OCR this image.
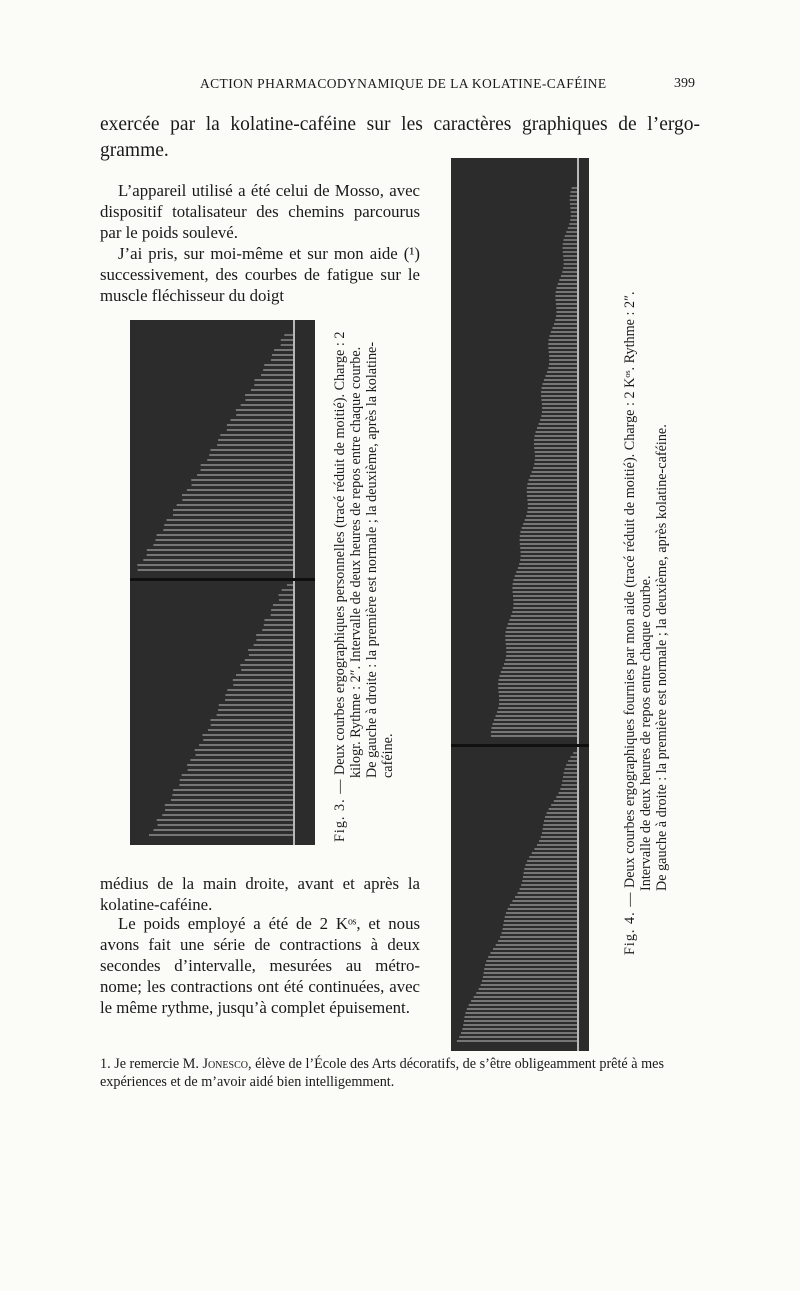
ACTION PHARMACODYNAMIQUE DE LA KOLATINE-CAFÉINE	399
exercée par la kolatine-caféine sur les caractères graphiques de l’ergo-gramme.
L’appareil utilisé a été celui de Mosso, avec dispositif totalisateur des chemins parcourus par le poids soulevé.
J’ai pris, sur moi-même et sur mon aide (¹) successivement, des courbes de fatigue sur le muscle fléchisseur du doigt
Fig. 3. — Deux courbes ergographiques personnelles (tracé réduit de moitié). Charge : 2 kilogr. Rythme : 2″. Intervalle de deux heures de repos entre chaque courbe. De gauche à droite : la première est normale ; la deuxième, après la kolatine-caféine.
Fig. 4. — Deux courbes ergographiques fournies par mon aide (tracé réduit de moitié). Charge : 2 Kᵒˢ. Rythme : 2″. Intervalle de deux heures de repos entre chaque courbe. De gauche à droite : la première est normale ; la deuxième, après kolatine-caféine.
médius de la main droite, avant et après la kolatine-caféine.
Le poids employé a été de 2 Kᵒˢ, et nous avons fait une série de contractions à deux secondes d’intervalle, mesurées au métro-nome; les contractions ont été continuées, avec le même rythme, jusqu’à complet épuisement.
1. Je remercie M. Jonesco, élève de l’École des Arts décoratifs, de s’être obligeamment prêté à mes expériences et de m’avoir aidé bien intelligemment.
